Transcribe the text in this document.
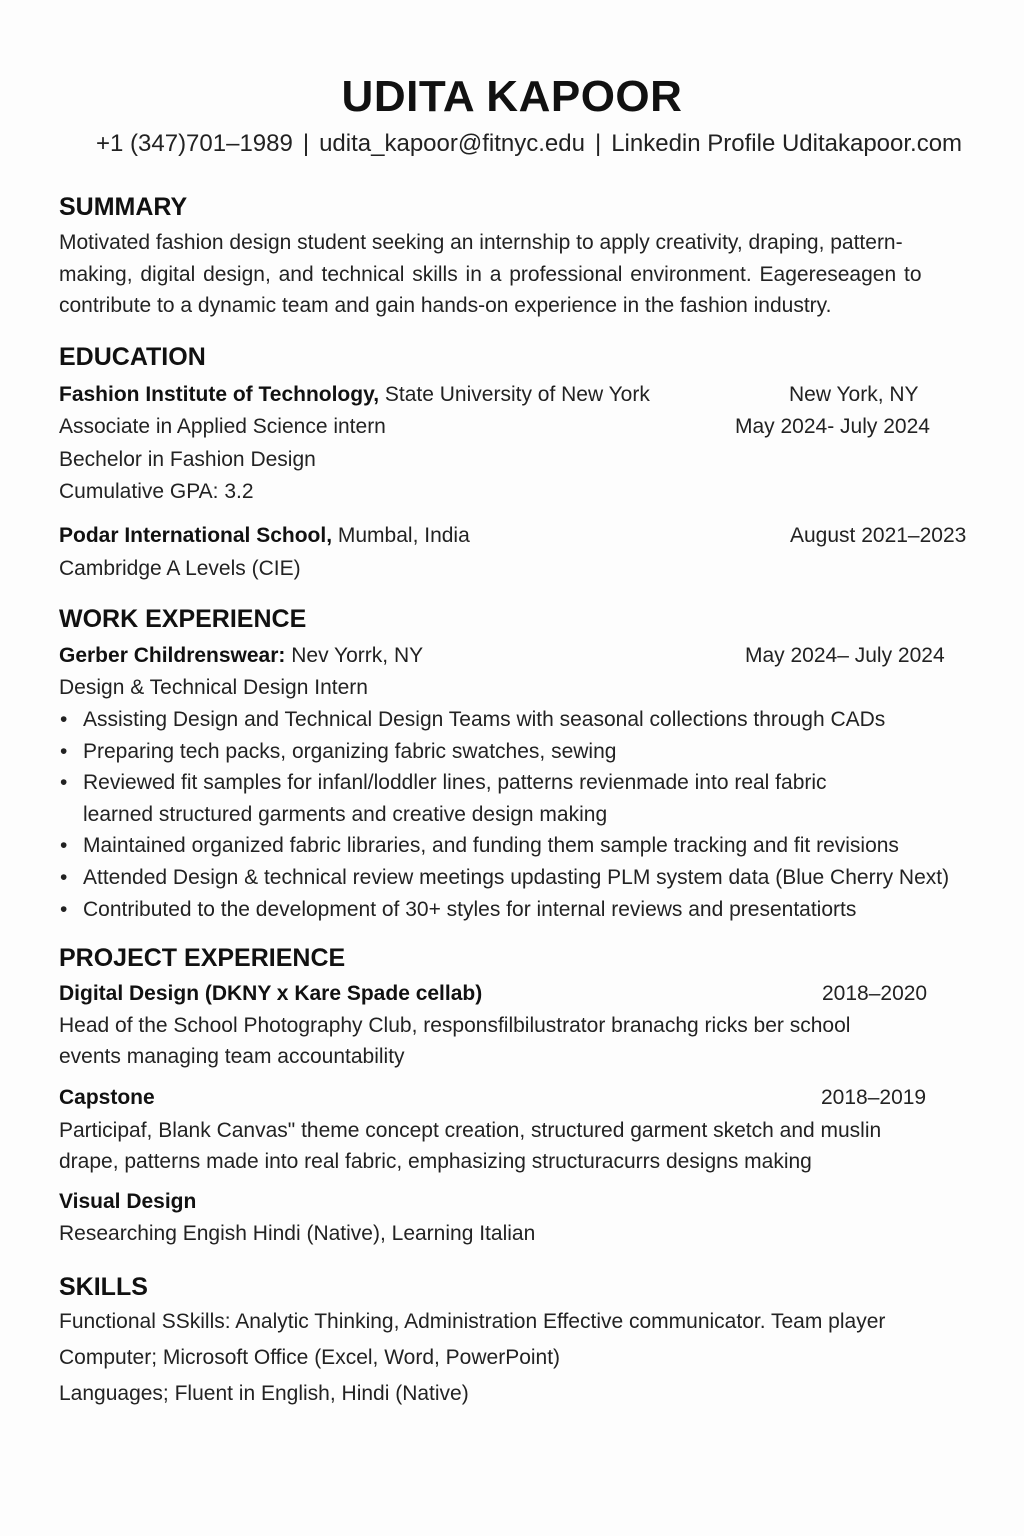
UDITA KAPOOR
+1 (347)701–1989 | udita_kapoor@fitnyc.edu | Linkedin Profile Uditakapoor.com
SUMMARY
Motivated fashion design student seeking an internship to apply creativity, draping, pattern-
making, digital design, and technical skills in a professional environment. Eagereseagen to
contribute to a dynamic team and gain hands-on experience in the fashion industry.
EDUCATION
Fashion Institute of Technology, State University of New York	New York, NY
May 2024- July 2024
Associate in Applied Science intern
Bechelor in Fashion Design
Cumulative GPA: 3.2
Podar International School, Mumbal, India	August 2021–2023
Cambridge A Levels (CIE)
WORK EXPERIENCE
Gerber Childrenswear: Nev Yorrk, NY	May 2024– July 2024
Design & Technical Design Intern
• Assisting Design and Technical Design Teams with seasonal collections through CADs
• Preparing tech packs, organizing fabric swatches, sewing
• Reviewed fit samples for infanl/loddler lines, patterns revienmade into real fabric
learned structured garments and creative design making
• Maintained organized fabric libraries, and funding them sample tracking and fit revisions
• Attended Design & technical review meetings updasting PLM system data (Blue Cherry Next)
• Contributed to the development of 30+ styles for internal reviews and presentatiorts
PROJECT EXPERIENCE
Digital Design (DKNY x Kare Spade cellab)	2018–2020
Head of the School Photography Club, responsfilbilustrator branachg ricks ber school
events managing team accountability
Capstone	2018–2019
Participaf, Blank Canvas" theme concept creation, structured garment sketch and muslin
drape, patterns made into real fabric, emphasizing structuracurrs designs making
Visual Design
Researching Engish Hindi (Native), Learning Italian
SKILLS
Functional SSkills: Analytic Thinking, Administration Effective communicator. Team player
Computer; Microsoft Office (Excel, Word, PowerPoint)
Languages; Fluent in English, Hindi (Native)
